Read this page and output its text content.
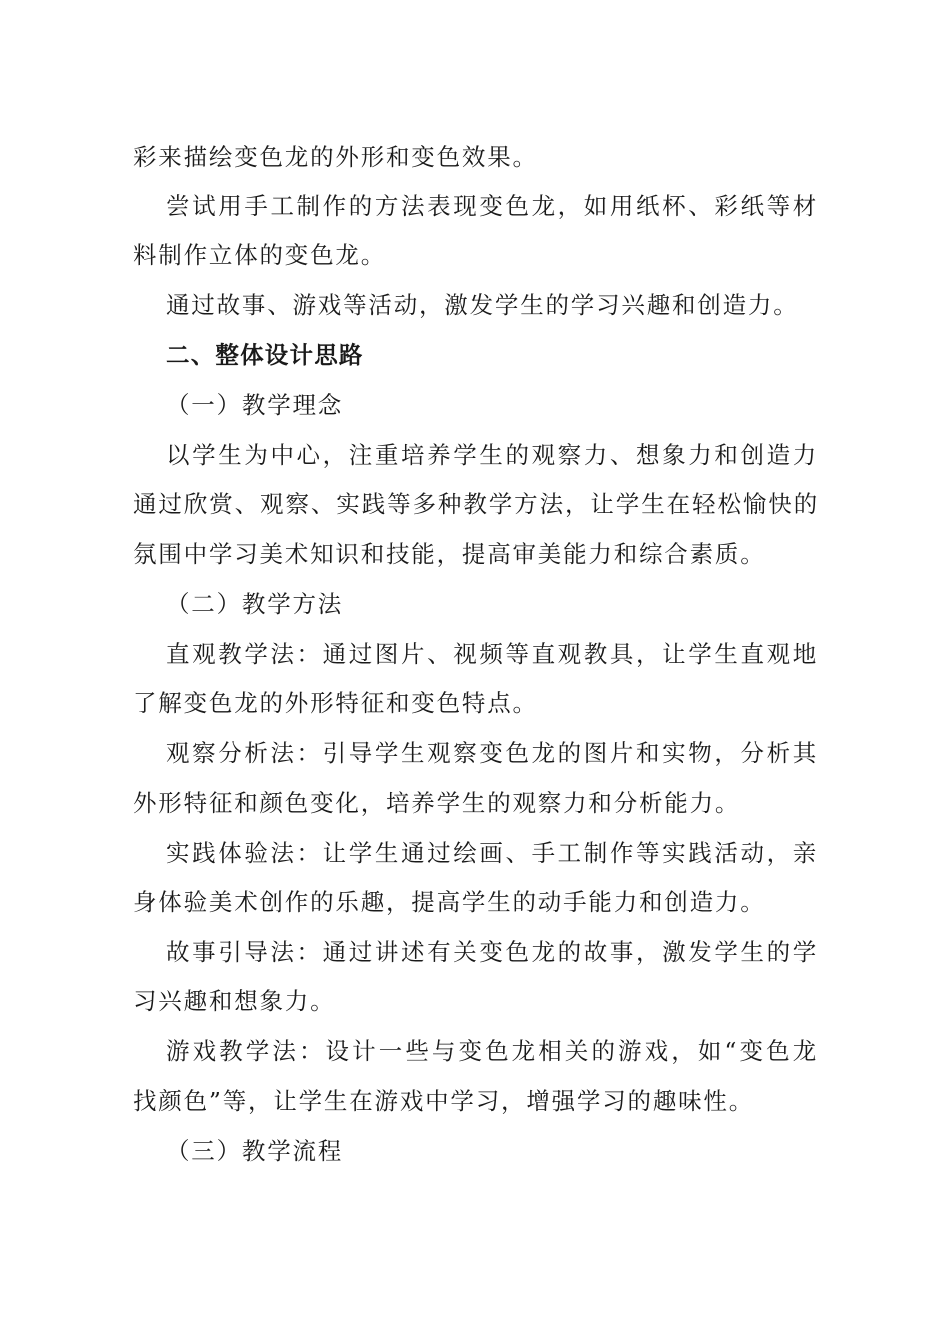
彩来描绘变色龙的外形和变色效果。
尝试用手工制作的方法表现变色龙，如用纸杯、彩纸等材
料制作立体的变色龙。
通过故事、游戏等活动，激发学生的学习兴趣和创造力。
二、整体设计思路
（一）教学理念
以学生为中心，注重培养学生的观察力、想象力和创造力
通过欣赏、观察、实践等多种教学方法，让学生在轻松愉快的
氛围中学习美术知识和技能，提高审美能力和综合素质。
（二）教学方法
直观教学法：通过图片、视频等直观教具，让学生直观地
了解变色龙的外形特征和变色特点。
观察分析法：引导学生观察变色龙的图片和实物，分析其
外形特征和颜色变化，培养学生的观察力和分析能力。
实践体验法：让学生通过绘画、手工制作等实践活动，亲
身体验美术创作的乐趣，提高学生的动手能力和创造力。
故事引导法：通过讲述有关变色龙的故事，激发学生的学
习兴趣和想象力。
游戏教学法：设计一些与变色龙相关的游戏，如“变色龙
找颜色”等，让学生在游戏中学习，增强学习的趣味性。
（三）教学流程
